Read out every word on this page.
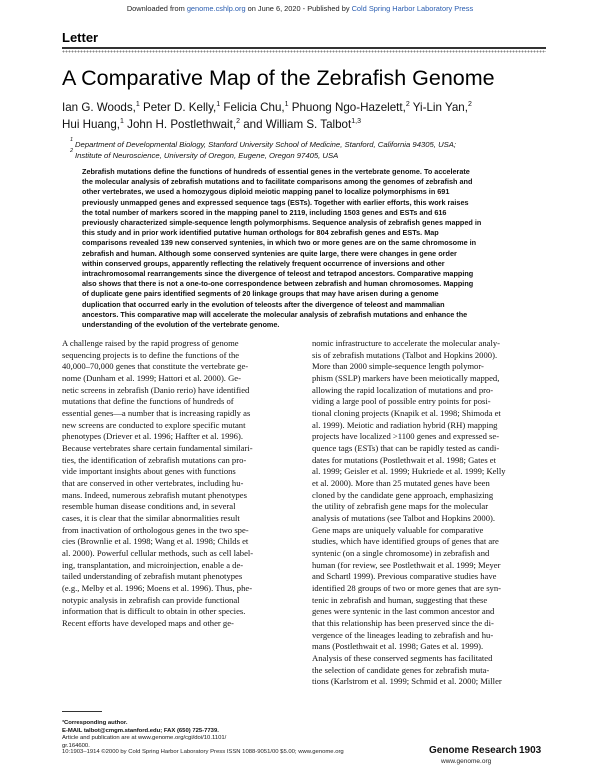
Downloaded from genome.cshlp.org on June 6, 2020 - Published by Cold Spring Harbor Laboratory Press
Letter
A Comparative Map of the Zebrafish Genome
Ian G. Woods,$^1$ Peter D. Kelly,$^1$ Felicia Chu,$^1$ Phuong Ngo-Hazelett,$^2$ Yi-Lin Yan,$^2$
Hui Huang,$^1$ John H. Postlethwait,$^2$ and William S. Talbot$^{1,3}$
1 Department of Developmental Biology, Stanford University School of Medicine, Stanford, California 94305, USA;
2 Institute of Neuroscience, University of Oregon, Eugene, Oregon 97405, USA
Zebrafish mutations define the functions of hundreds of essential genes in the vertebrate genome. To accelerate
the molecular analysis of zebrafish mutations and to facilitate comparisons among the genomes of zebrafish and
other vertebrates, we used a homozygous diploid meiotic mapping panel to localize polymorphisms in 691
previously unmapped genes and expressed sequence tags (ESTs). Together with earlier efforts, this work raises
the total number of markers scored in the mapping panel to 2119, including 1503 genes and ESTs and 616
previously characterized simple-sequence length polymorphisms. Sequence analysis of zebrafish genes mapped in
this study and in prior work identified putative human orthologs for 804 zebrafish genes and ESTs. Map
comparisons revealed 139 new conserved syntenies, in which two or more genes are on the same chromosome in
zebrafish and human. Although some conserved syntenies are quite large, there were changes in gene order
within conserved groups, apparently reflecting the relatively frequent occurrence of inversions and other
intrachromosomal rearrangements since the divergence of teleost and tetrapod ancestors. Comparative mapping
also shows that there is not a one-to-one correspondence between zebrafish and human chromosomes. Mapping
of duplicate gene pairs identified segments of 20 linkage groups that may have arisen during a genome
duplication that occurred early in the evolution of teleosts after the divergence of teleost and mammalian
ancestors. This comparative map will accelerate the molecular analysis of zebrafish mutations and enhance the
understanding of the evolution of the vertebrate genome.
A challenge raised by the rapid progress of genome
sequencing projects is to define the functions of the
40,000–70,000 genes that constitute the vertebrate ge-
nome (Dunham et al. 1999; Hattori et al. 2000). Ge-
netic screens in zebrafish (Danio rerio) have identified
mutations that define the functions of hundreds of
essential genes—a number that is increasing rapidly as
new screens are conducted to explore specific mutant
phenotypes (Driever et al. 1996; Haffter et al. 1996).
Because vertebrates share certain fundamental similari-
ties, the identification of zebrafish mutations can pro-
vide important insights about genes with functions
that are conserved in other vertebrates, including hu-
mans. Indeed, numerous zebrafish mutant phenotypes
resemble human disease conditions and, in several
cases, it is clear that the similar abnormalities result
from inactivation of orthologous genes in the two spe-
cies (Brownlie et al. 1998; Wang et al. 1998; Childs et
al. 2000). Powerful cellular methods, such as cell label-
ing, transplantation, and microinjection, enable a de-
tailed understanding of zebrafish mutant phenotypes
(e.g., Melby et al. 1996; Moens et al. 1996). Thus, phe-
notypic analysis in zebrafish can provide functional
information that is difficult to obtain in other species.
Recent efforts have developed maps and other ge-
nomic infrastructure to accelerate the molecular analy-
sis of zebrafish mutations (Talbot and Hopkins 2000).
More than 2000 simple-sequence length polymor-
phism (SSLP) markers have been meiotically mapped,
allowing the rapid localization of mutations and pro-
viding a large pool of possible entry points for posi-
tional cloning projects (Knapik et al. 1998; Shimoda et
al. 1999). Meiotic and radiation hybrid (RH) mapping
projects have localized >1100 genes and expressed se-
quence tags (ESTs) that can be rapidly tested as candi-
dates for mutations (Postlethwait et al. 1998; Gates et
al. 1999; Geisler et al. 1999; Hukriede et al. 1999; Kelly
et al. 2000). More than 25 mutated genes have been
cloned by the candidate gene approach, emphasizing
the utility of zebrafish gene maps for the molecular
analysis of mutations (see Talbot and Hopkins 2000).
Gene maps are uniquely valuable for comparative
studies, which have identified groups of genes that are
syntenic (on a single chromosome) in zebrafish and
human (for review, see Postlethwait et al. 1999; Meyer
and Schartl 1999). Previous comparative studies have
identified 28 groups of two or more genes that are syn-
tenic in zebrafish and human, suggesting that these
genes were syntenic in the last common ancestor and
that this relationship has been preserved since the di-
vergence of the lineages leading to zebrafish and hu-
mans (Postlethwait et al. 1998; Gates et al. 1999).
Analysis of these conserved segments has facilitated
the selection of candidate genes for zebrafish muta-
tions (Karlstrom et al. 1999; Schmid et al. 2000; Miller
³Corresponding author.
E-MAIL talbot@cmgm.stanford.edu; FAX (650) 725-7739.
Article and publication are at www.genome.org/cgi/doi/10.1101/
gr.164600.
10:1903–1914 ©2000 by Cold Spring Harbor Laboratory Press ISSN 1088-9051/00 $5.00; www.genome.org	Genome Research 1903
www.genome.org
